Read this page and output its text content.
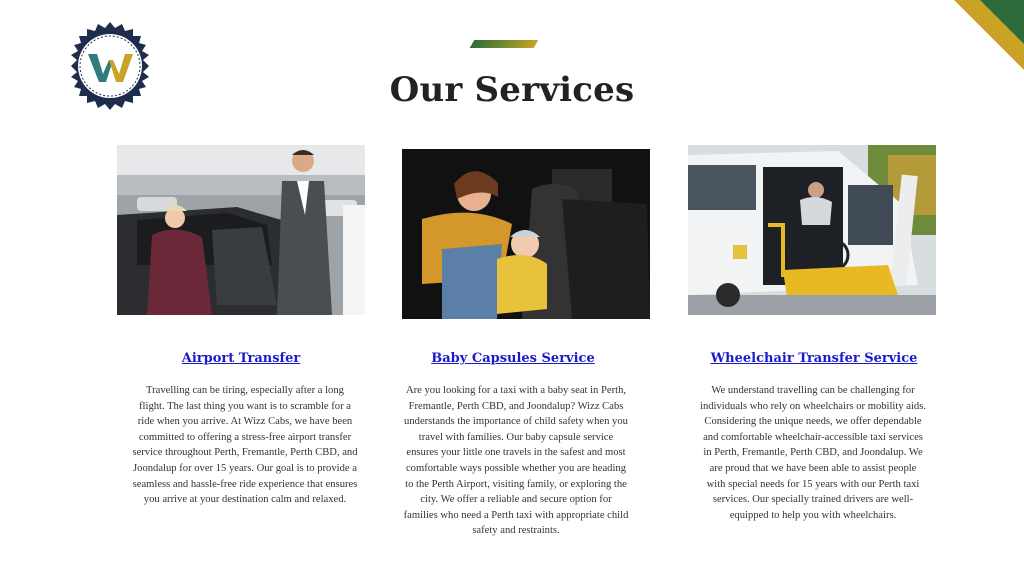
Our Services
Airport Transfer	Baby Capsules Service	Wheelchair Transfer Service
Travelling can be tiring, especially after a long flight. The last thing you want is to scramble for a ride when you arrive. At Wizz Cabs, we have been committed to offering a stress-free airport transfer service throughout Perth, Fremantle, Perth CBD, and Joondalup for over 15 years. Our goal is to provide a seamless and hassle-free ride experience that ensures you arrive at your destination calm and relaxed.
Are you looking for a taxi with a baby seat in Perth, Fremantle, Perth CBD, and Joondalup? Wizz Cabs understands the importance of child safety when you travel with families. Our baby capsule service ensures your little one travels in the safest and most comfortable ways possible whether you are heading to the Perth Airport, visiting family, or exploring the city. We offer a reliable and secure option for families who need a Perth taxi with appropriate child safety and restraints.
We understand travelling can be challenging for individuals who rely on wheelchairs or mobility aids. Considering the unique needs, we offer dependable and comfortable wheelchair-accessible taxi services in Perth, Fremantle, Perth CBD, and Joondalup. We are proud that we have been able to assist people with special needs for 15 years with our Perth taxi services. Our specially trained drivers are well-equipped to help you with wheelchairs.
